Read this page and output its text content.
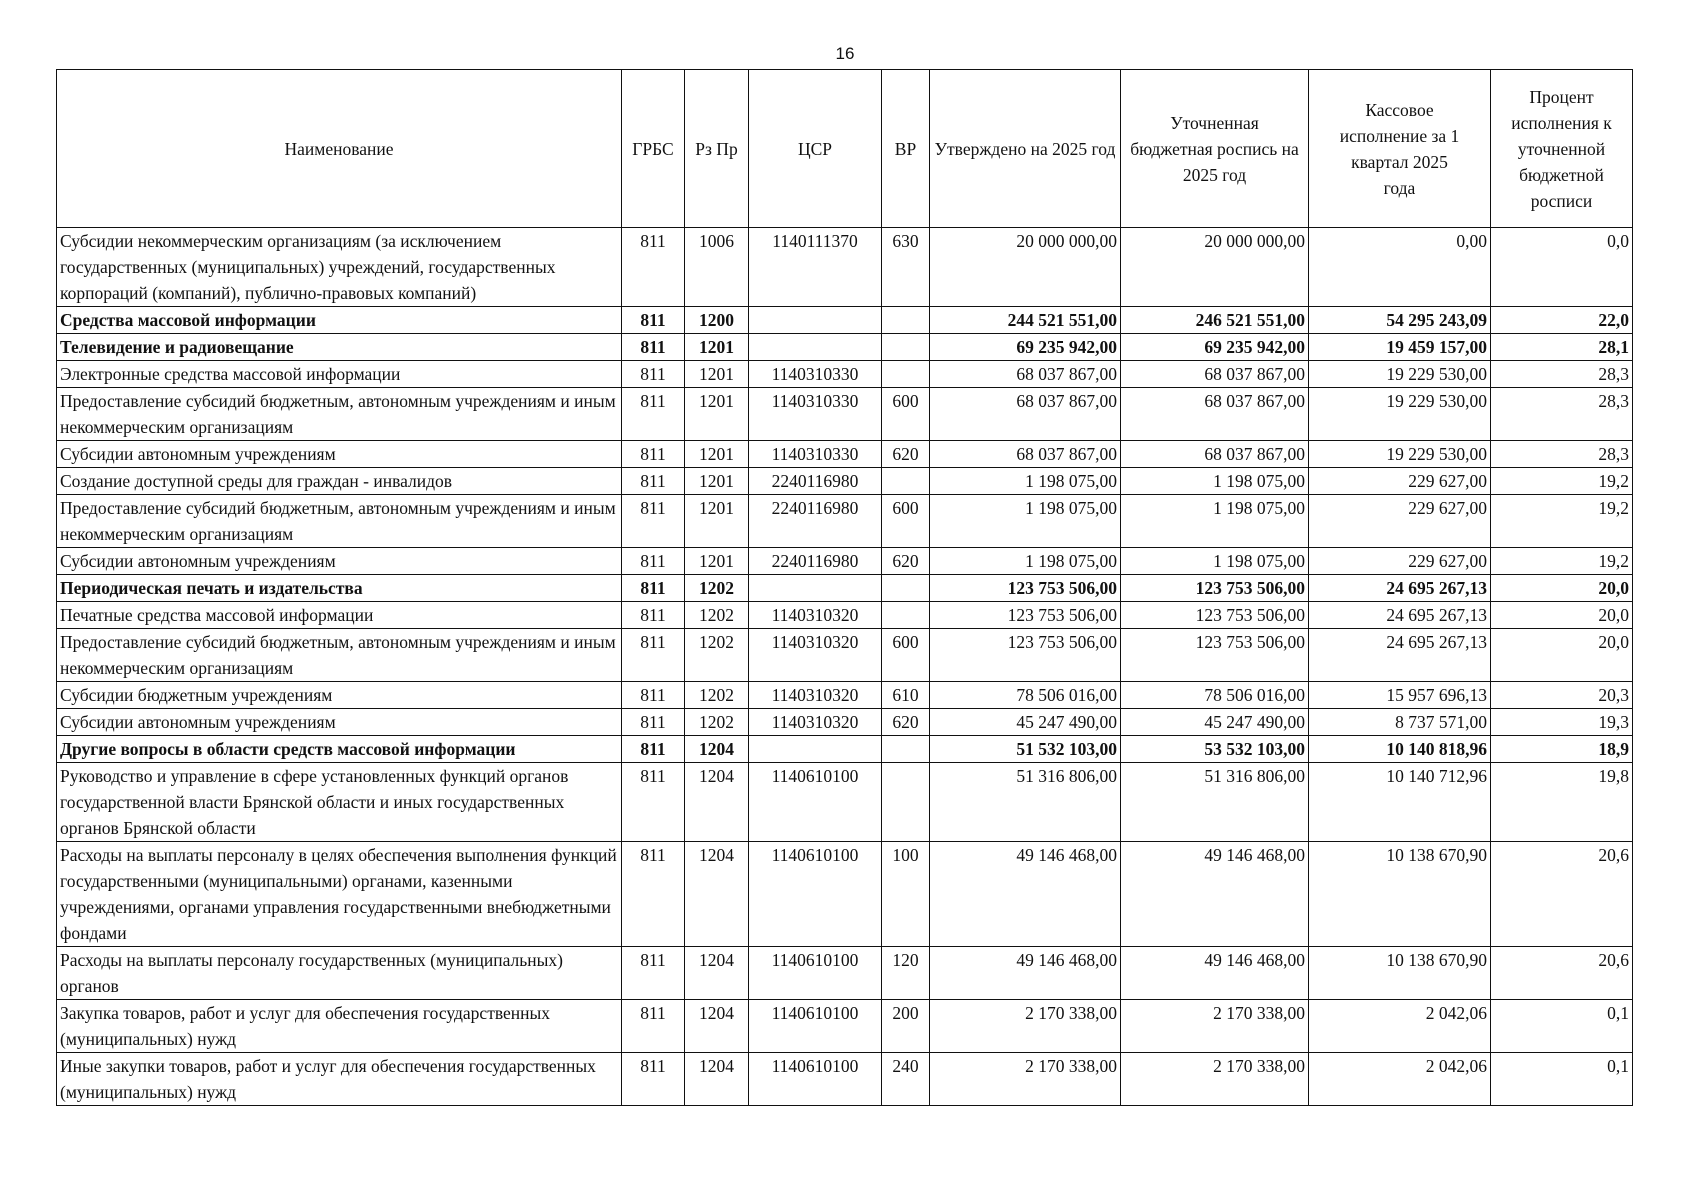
16
Наименование	ГРБС	Рз Пр	ЦСР	ВР	Утверждено на 2025 год	Уточненная бюджетная роспись на 2025 год	Кассовое исполнение за 1 квартал 2025 года	Процент исполнения к уточненной бюджетной росписи
Субсидии некоммерческим организациям (за исключением государственных (муниципальных) учреждений, государственных корпораций (компаний), публично-правовых компаний)	811	1006	1140111370	630	20 000 000,00	20 000 000,00	0,00	0,0
Средства массовой информации	811	1200			244 521 551,00	246 521 551,00	54 295 243,09	22,0
Телевидение и радиовещание	811	1201			69 235 942,00	69 235 942,00	19 459 157,00	28,1
Электронные средства массовой информации	811	1201	1140310330		68 037 867,00	68 037 867,00	19 229 530,00	28,3
Предоставление субсидий бюджетным, автономным учреждениям и иным некоммерческим организациям	811	1201	1140310330	600	68 037 867,00	68 037 867,00	19 229 530,00	28,3
Субсидии автономным учреждениям	811	1201	1140310330	620	68 037 867,00	68 037 867,00	19 229 530,00	28,3
Создание доступной среды для граждан - инвалидов	811	1201	2240116980		1 198 075,00	1 198 075,00	229 627,00	19,2
Предоставление субсидий бюджетным, автономным учреждениям и иным некоммерческим организациям	811	1201	2240116980	600	1 198 075,00	1 198 075,00	229 627,00	19,2
Субсидии автономным учреждениям	811	1201	2240116980	620	1 198 075,00	1 198 075,00	229 627,00	19,2
Периодическая печать и издательства	811	1202			123 753 506,00	123 753 506,00	24 695 267,13	20,0
Печатные средства массовой информации	811	1202	1140310320		123 753 506,00	123 753 506,00	24 695 267,13	20,0
Предоставление субсидий бюджетным, автономным учреждениям и иным некоммерческим организациям	811	1202	1140310320	600	123 753 506,00	123 753 506,00	24 695 267,13	20,0
Субсидии бюджетным учреждениям	811	1202	1140310320	610	78 506 016,00	78 506 016,00	15 957 696,13	20,3
Субсидии автономным учреждениям	811	1202	1140310320	620	45 247 490,00	45 247 490,00	8 737 571,00	19,3
Другие вопросы в области средств массовой информации	811	1204			51 532 103,00	53 532 103,00	10 140 818,96	18,9
Руководство и управление в сфере установленных функций органов государственной власти Брянской области и иных государственных органов Брянской области	811	1204	1140610100		51 316 806,00	51 316 806,00	10 140 712,96	19,8
Расходы на выплаты персоналу в целях обеспечения выполнения функций государственными (муниципальными) органами, казенными учреждениями, органами управления государственными внебюджетными фондами	811	1204	1140610100	100	49 146 468,00	49 146 468,00	10 138 670,90	20,6
Расходы на выплаты персоналу государственных (муниципальных) органов	811	1204	1140610100	120	49 146 468,00	49 146 468,00	10 138 670,90	20,6
Закупка товаров, работ и услуг для обеспечения государственных (муниципальных) нужд	811	1204	1140610100	200	2 170 338,00	2 170 338,00	2 042,06	0,1
Иные закупки товаров, работ и услуг для обеспечения государственных (муниципальных) нужд	811	1204	1140610100	240	2 170 338,00	2 170 338,00	2 042,06	0,1
